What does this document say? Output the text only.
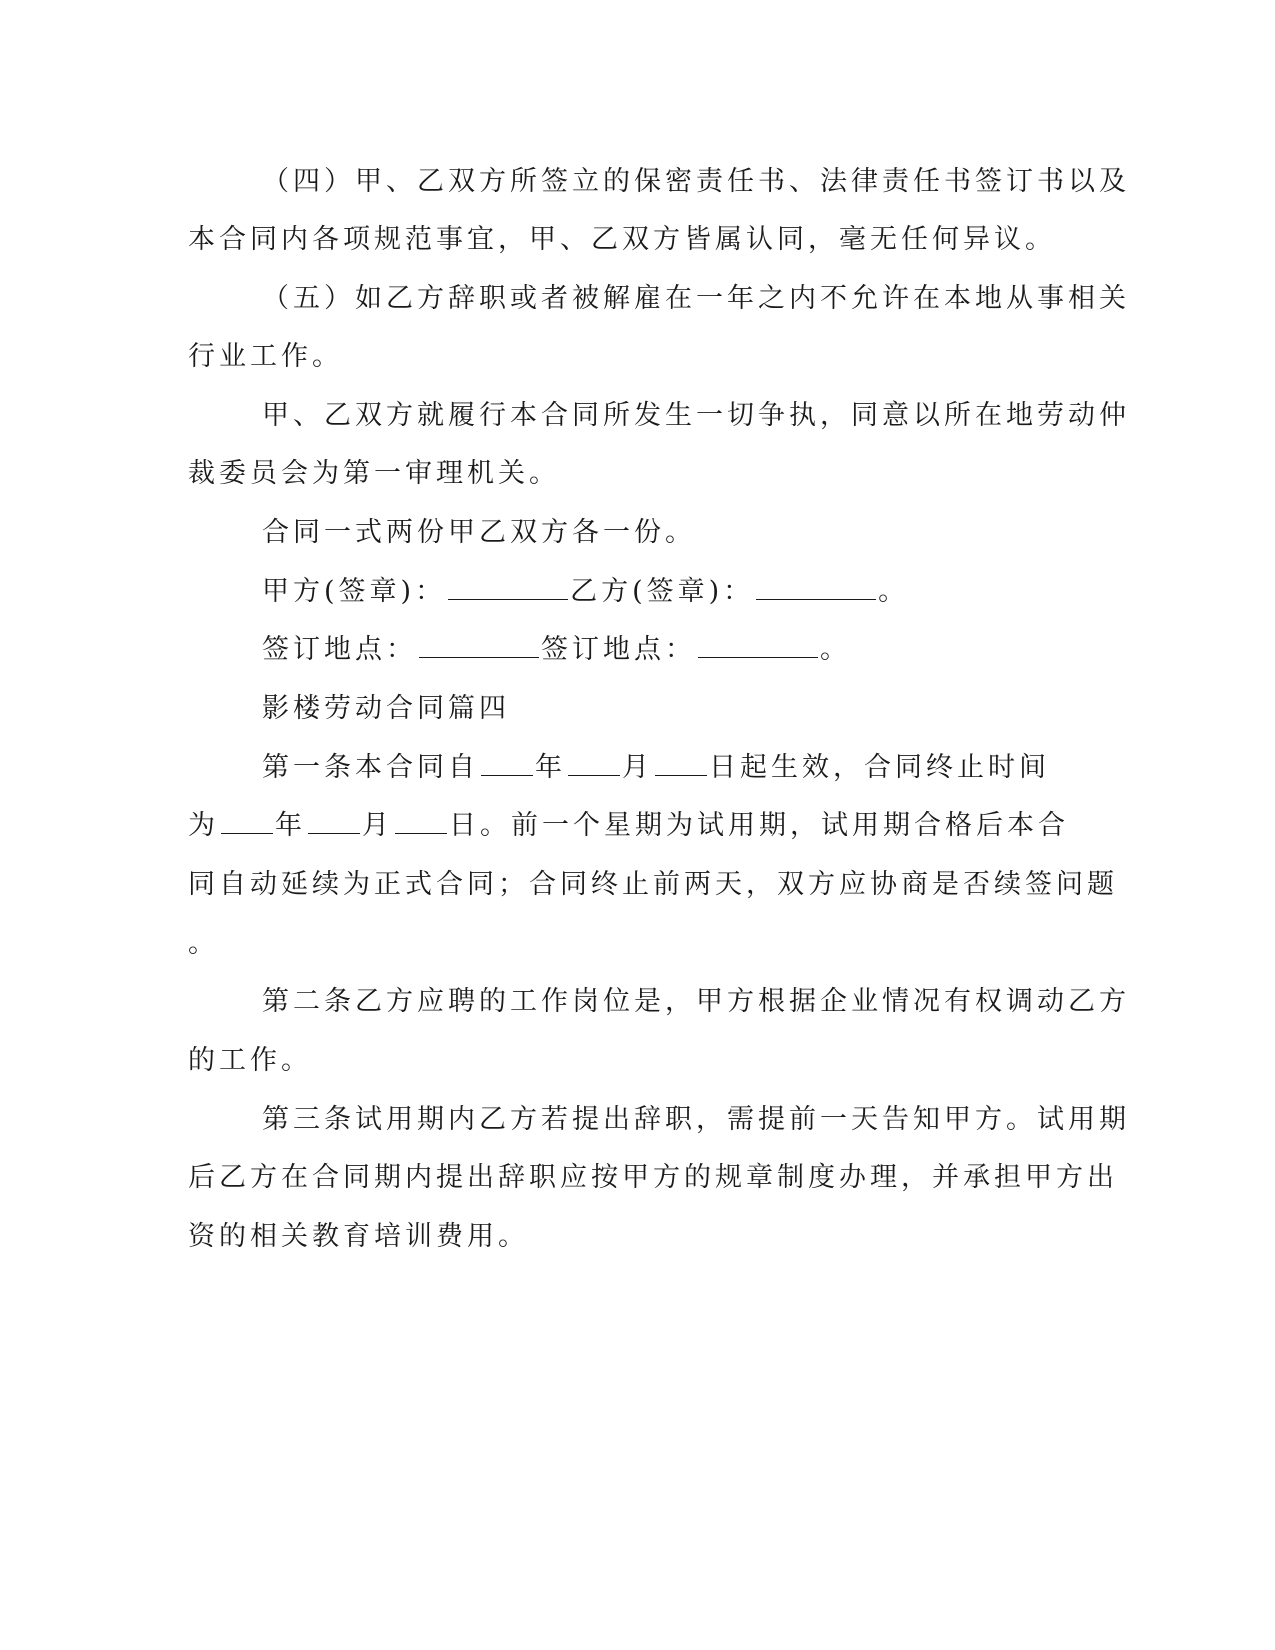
（四）甲、乙双方所签立的保密责任书、法律责任书签订书以及
本合同内各项规范事宜，甲、乙双方皆属认同，毫无任何异议。
（五）如乙方辞职或者被解雇在一年之内不允许在本地从事相关
行业工作。
甲、乙双方就履行本合同所发生一切争执，同意以所在地劳动仲
裁委员会为第一审理机关。
合同一式两份甲乙双方各一份。
甲方(签章)：	乙方(签章)：	。
签订地点：	签订地点：	。
影楼劳动合同篇四
第一条本合同自 年 月 日起生效，合同终止时间
为 年 月 日。前一个星期为试用期，试用期合格后本合
同自动延续为正式合同；合同终止前两天，双方应协商是否续签问题
。
第二条乙方应聘的工作岗位是，甲方根据企业情况有权调动乙方
的工作。
第三条试用期内乙方若提出辞职，需提前一天告知甲方。试用期
后乙方在合同期内提出辞职应按甲方的规章制度办理，并承担甲方出
资的相关教育培训费用。
